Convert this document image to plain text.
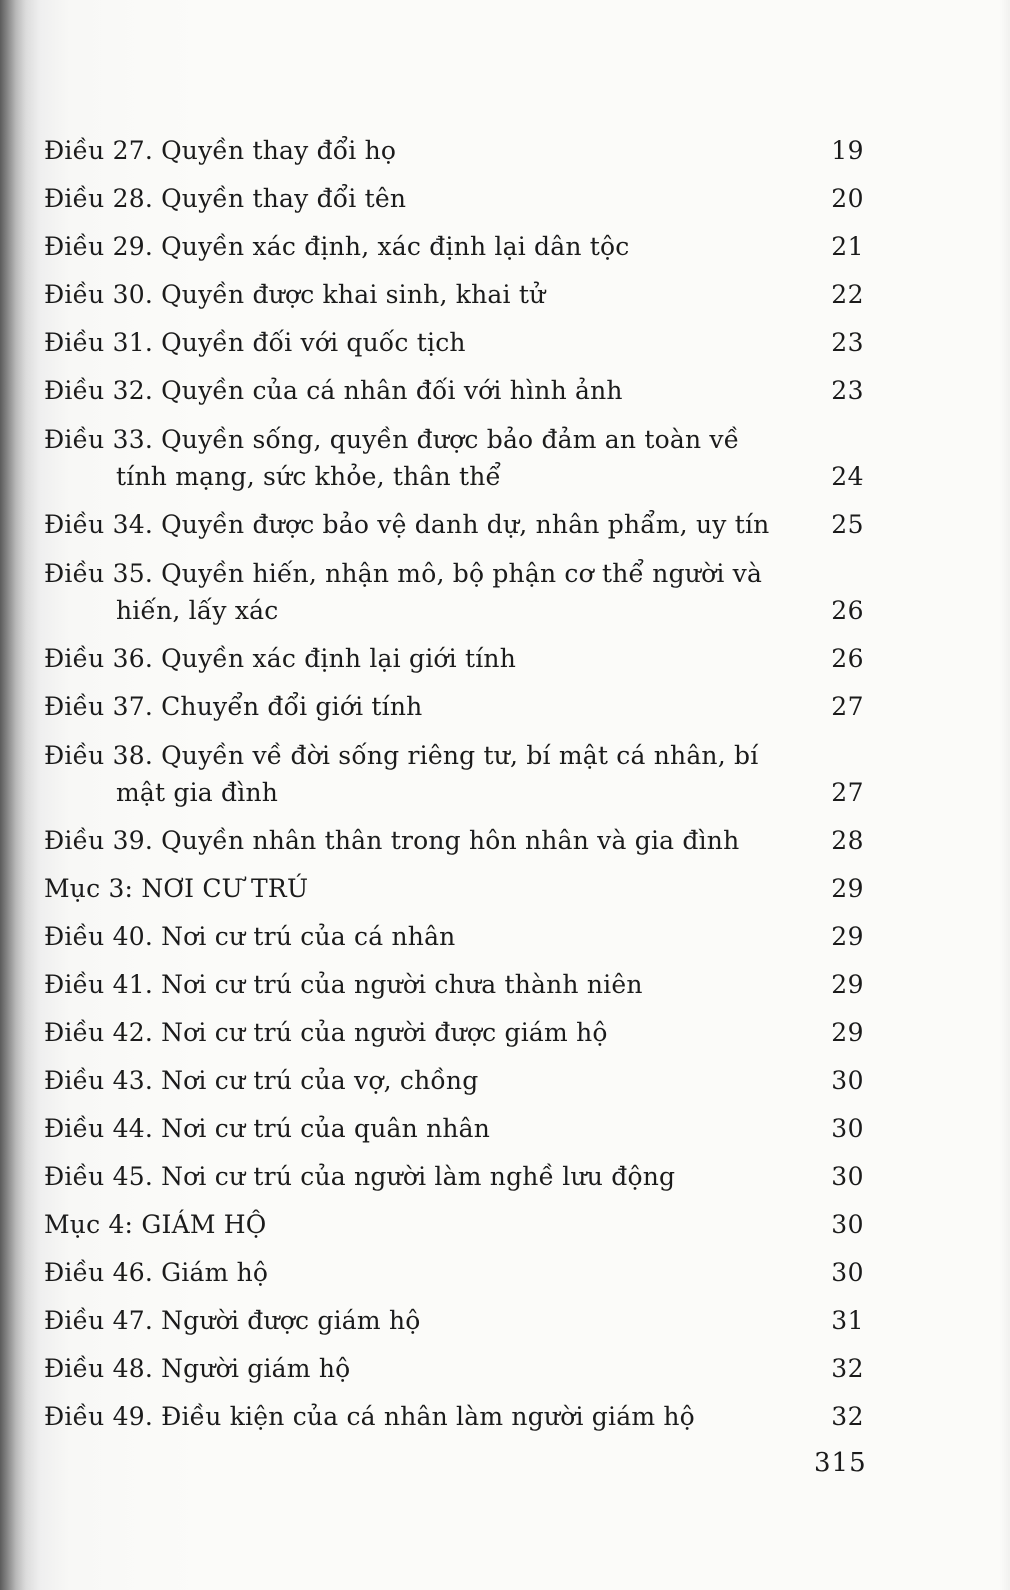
Điều 27. Quyền thay đổi họ	19
Điều 28. Quyền thay đổi tên	20
Điều 29. Quyền xác định, xác định lại dân tộc	21
Điều 30. Quyền được khai sinh, khai tử	22
Điều 31. Quyền đối với quốc tịch	23
Điều 32. Quyền của cá nhân đối với hình ảnh	23
Điều 33. Quyền sống, quyền được bảo đảm an toàn về
tính mạng, sức khỏe, thân thể	24
Điều 34. Quyền được bảo vệ danh dự, nhân phẩm, uy tín	25
Điều 35. Quyền hiến, nhận mô, bộ phận cơ thể người và
hiến, lấy xác	26
Điều 36. Quyền xác định lại giới tính	26
Điều 37. Chuyển đổi giới tính	27
Điều 38. Quyền về đời sống riêng tư, bí mật cá nhân, bí
mật gia đình	27
Điều 39. Quyền nhân thân trong hôn nhân và gia đình	28
Mục 3: NƠI CƯ TRÚ	29
Điều 40. Nơi cư trú của cá nhân	29
Điều 41. Nơi cư trú của người chưa thành niên	29
Điều 42. Nơi cư trú của người được giám hộ	29
Điều 43. Nơi cư trú của vợ, chồng	30
Điều 44. Nơi cư trú của quân nhân	30
Điều 45. Nơi cư trú của người làm nghề lưu động	30
Mục 4: GIÁM HỘ	30
Điều 46. Giám hộ	30
Điều 47. Người được giám hộ	31
Điều 48. Người giám hộ	32
Điều 49. Điều kiện của cá nhân làm người giám hộ	32
315
